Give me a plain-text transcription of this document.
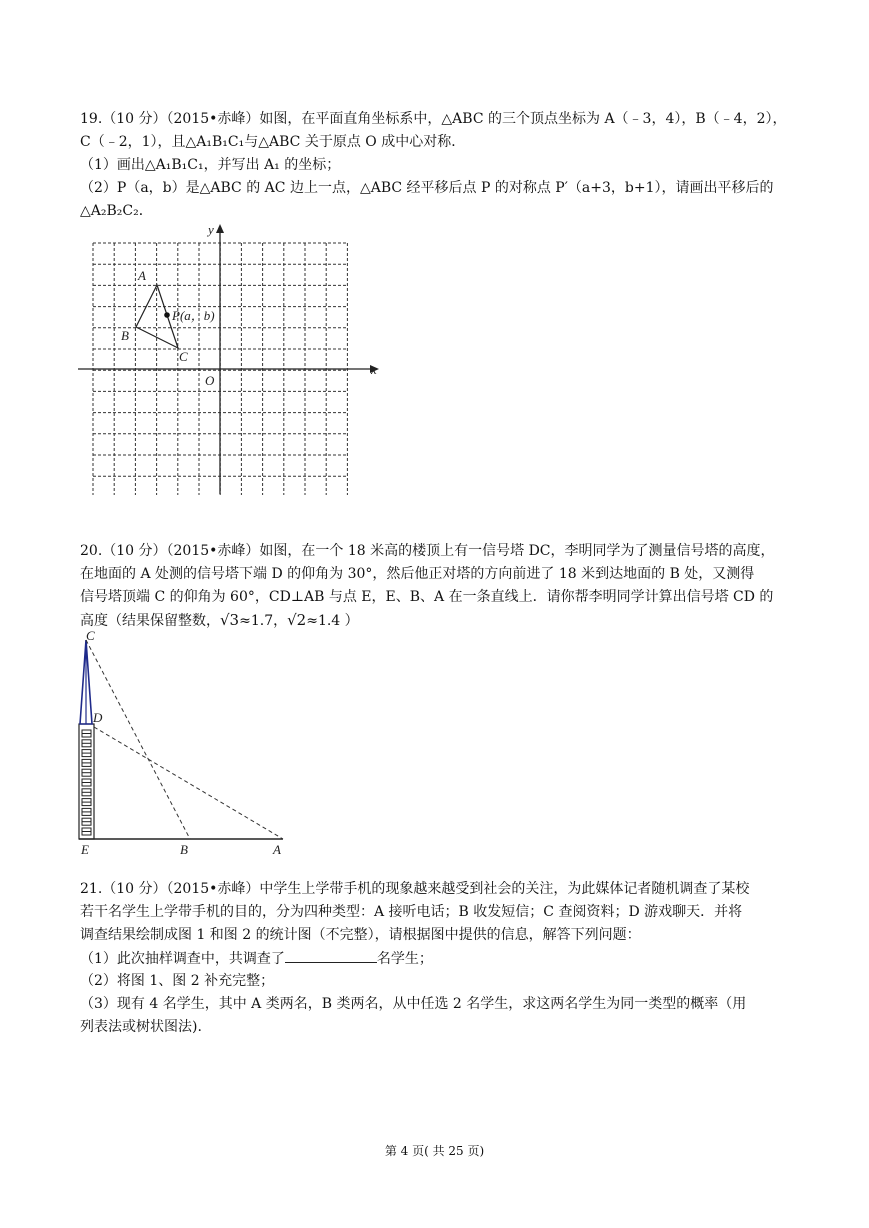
19.（10 分）（2015•赤峰）如图，在平面直角坐标系中，△ABC 的三个顶点坐标为 A（﹣3，4），B（﹣4，2），
C（﹣2，1），且△A₁B₁C₁与△ABC 关于原点 O 成中心对称．
（1）画出△A₁B₁C₁，并写出 A₁ 的坐标；
（2）P（a，b）是△ABC 的 AC 边上一点，△ABC 经平移后点 P 的对称点 P′（a+3，b+1），请画出平移后的
△A₂B₂C₂．
x
y
O
A
B
C
P(a，b)
20.（10 分）（2015•赤峰）如图，在一个 18 米高的楼顶上有一信号塔 DC，李明同学为了测量信号塔的高度，
在地面的 A 处测的信号塔下端 D 的仰角为 30°，然后他正对塔的方向前进了 18 米到达地面的 B 处，又测得
信号塔顶端 C 的仰角为 60°，CD⊥AB 与点 E，E、B、A 在一条直线上．请你帮李明同学计算出信号塔 CD 的
高度（结果保留整数，√3≈1.7，√2≈1.4 ）
C
D
E	B	A
21.（10 分）（2015•赤峰）中学生上学带手机的现象越来越受到社会的关注，为此媒体记者随机调查了某校
若干名学生上学带手机的目的，分为四种类型：A 接听电话；B 收发短信；C 查阅资料；D 游戏聊天．并将
调查结果绘制成图 1 和图 2 的统计图（不完整），请根据图中提供的信息，解答下列问题：
（1）此次抽样调查中，共调查了	名学生；
（2）将图 1、图 2 补充完整；
（3）现有 4 名学生，其中 A 类两名，B 类两名，从中任选 2 名学生，求这两名学生为同一类型的概率（用
列表法或树状图法).
第 4 页( 共 25 页)
